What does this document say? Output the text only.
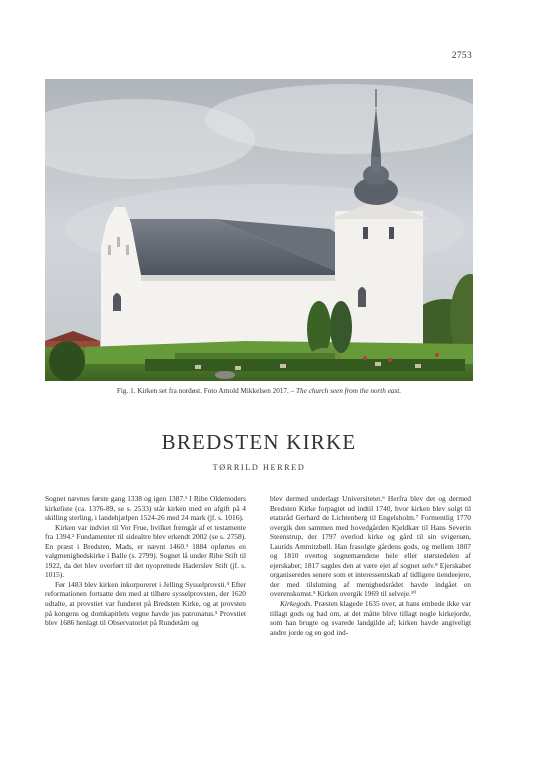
2753
Fig. 1. Kirken set fra nordøst. Foto Arnold Mikkelsen 2017. – The church seen from the north east.
BREDSTEN KIRKE
TØRRILD HERRED

Sognet nævnes første gang 1338 og igen 1387.¹ I Ribe Oldemoders kirkeliste (ca. 1376-89, se s. 2533) står kirken med en afgift på 4 skilling sterling, i landehjælpen 1524-26 med 24 mark (jf. s. 1016).

Kirken var indviet til Vor Frue, hvilket fremgår af et testamente fra 1394.² Fundamenter til sidealtre blev erkendt 2002 (se s. 2758). En præst i Bredsten, Mads, er nævnt 1460.³ 1884 opførtes en valgmenighedskirke i Balle (s. 2799). Sognet lå under Ribe Stift til 1922, da det blev overført til det nyoprettede Haderslev Stift (jf. s. 1015).

Før 1483 blev kirken inkorporeret i Jelling Sysselprovsti.⁴ Efter reformationen fortsatte den med at tilhøre sysselprovsten, der 1620 udtalte, at provstiet var funderet på Bredsten Kirke, og at provsten på kongens og domkapitlets vegne havde jus patronatus.⁵ Provstiet blev 1686 henlagt til Observatoriet på Rundetårn og

blev dermed underlagt Universitetet.⁶ Herfra blev det og dermed Bredsten Kirke forpagtet ud indtil 1740, hvor kirken blev solgt til etatsråd Gerhard de Lichtenberg til Engelsholm.⁷ Formentlig 1770 overgik den sammen med hovedgården Kjeldkær til Hans Severin Steenstrup, der 1797 overlod kirke og gård til sin svigersøn, Laurids Ammitzbøll. Han frasolgte gårdens gods, og mellem 1807 og 1810 overtog sognemændene hele eller størstedelen af ejerskabet; 1817 sagdes den at være ejet af sognet selv.⁸ Ejerskabet organiseredes senere som et interessentskab af tidligere tiendeejere, der med tilslutning af menighedsrådet havde indgået en overenskomst.⁹ Kirken overgik 1969 til selveje.¹⁰

Kirkegods. Præsten klagede 1635 over, at hans embede ikke var tillagt gods og bad om, at det måtte blive tillagt nogle kirkejorde, som han brugte og svarede landgilde af; kirken havde angiveligt andre jorde og en god ind-
